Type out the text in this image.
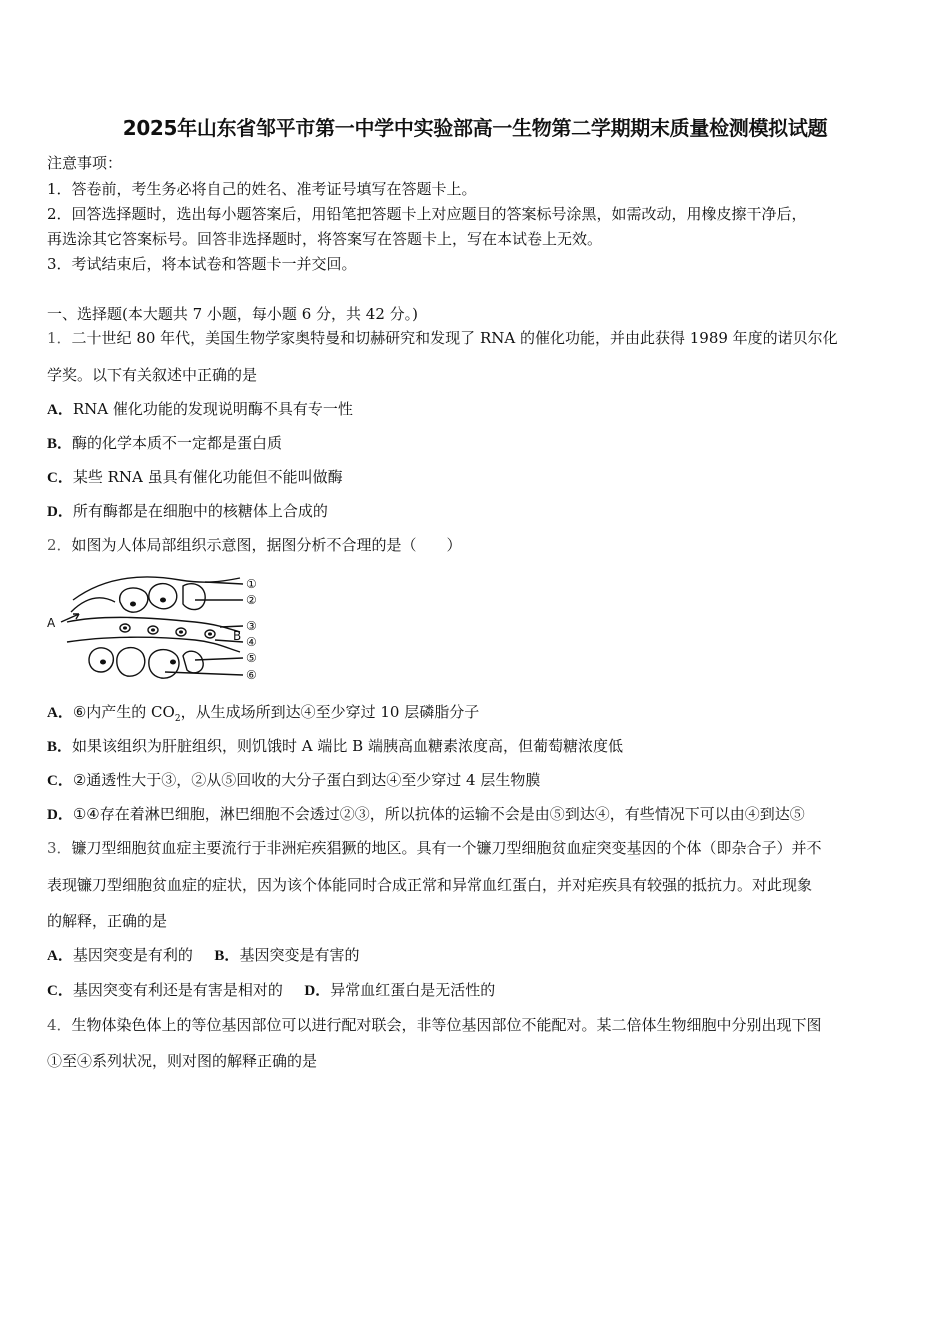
2025年山东省邹平市第一中学中实验部高一生物第二学期期末质量检测模拟试题
注意事项：
1．答卷前，考生务必将自己的姓名、准考证号填写在答题卡上。
2．回答选择题时，选出每小题答案后，用铅笔把答题卡上对应题目的答案标号涂黑，如需改动，用橡皮擦干净后，
再选涂其它答案标号。回答非选择题时，将答案写在答题卡上，写在本试卷上无效。
3．考试结束后，将本试卷和答题卡一并交回。
一、选择题(本大题共 7 小题，每小题 6 分，共 42 分。)
1．二十世纪 80 年代，美国生物学家奥特曼和切赫研究和发现了 RNA 的催化功能，并由此获得 1989 年度的诺贝尔化
学奖。以下有关叙述中正确的是
A．RNA 催化功能的发现说明酶不具有专一性
B．酶的化学本质不一定都是蛋白质
C．某些 RNA 虽具有催化功能但不能叫做酶
D．所有酶都是在细胞中的核糖体上合成的
2．如图为人体局部组织示意图，据图分析不合理的是（　　）
①
②
③
④
⑤
⑥
A
B
A．⑥内产生的 $CO_2$，从生成场所到达④至少穿过 10 层磷脂分子
B．如果该组织为肝脏组织，则饥饿时 A 端比 B 端胰高血糖素浓度高，但葡萄糖浓度低
C．②通透性大于③，②从⑤回收的大分子蛋白到达④至少穿过 4 层生物膜
D．①④存在着淋巴细胞，淋巴细胞不会透过②③，所以抗体的运输不会是由⑤到达④，有些情况下可以由④到达⑤
3．镰刀型细胞贫血症主要流行于非洲疟疾猖獗的地区。具有一个镰刀型细胞贫血症突变基因的个体（即杂合子）并不
表现镰刀型细胞贫血症的症状，因为该个体能同时合成正常和异常血红蛋白，并对疟疾具有较强的抵抗力。对此现象
的解释，正确的是
A．基因突变是有利的 B．基因突变是有害的
C．基因突变有利还是有害是相对的 D．异常血红蛋白是无活性的
4．生物体染色体上的等位基因部位可以进行配对联会，非等位基因部位不能配对。某二倍体生物细胞中分别出现下图
①至④系列状况，则对图的解释正确的是
